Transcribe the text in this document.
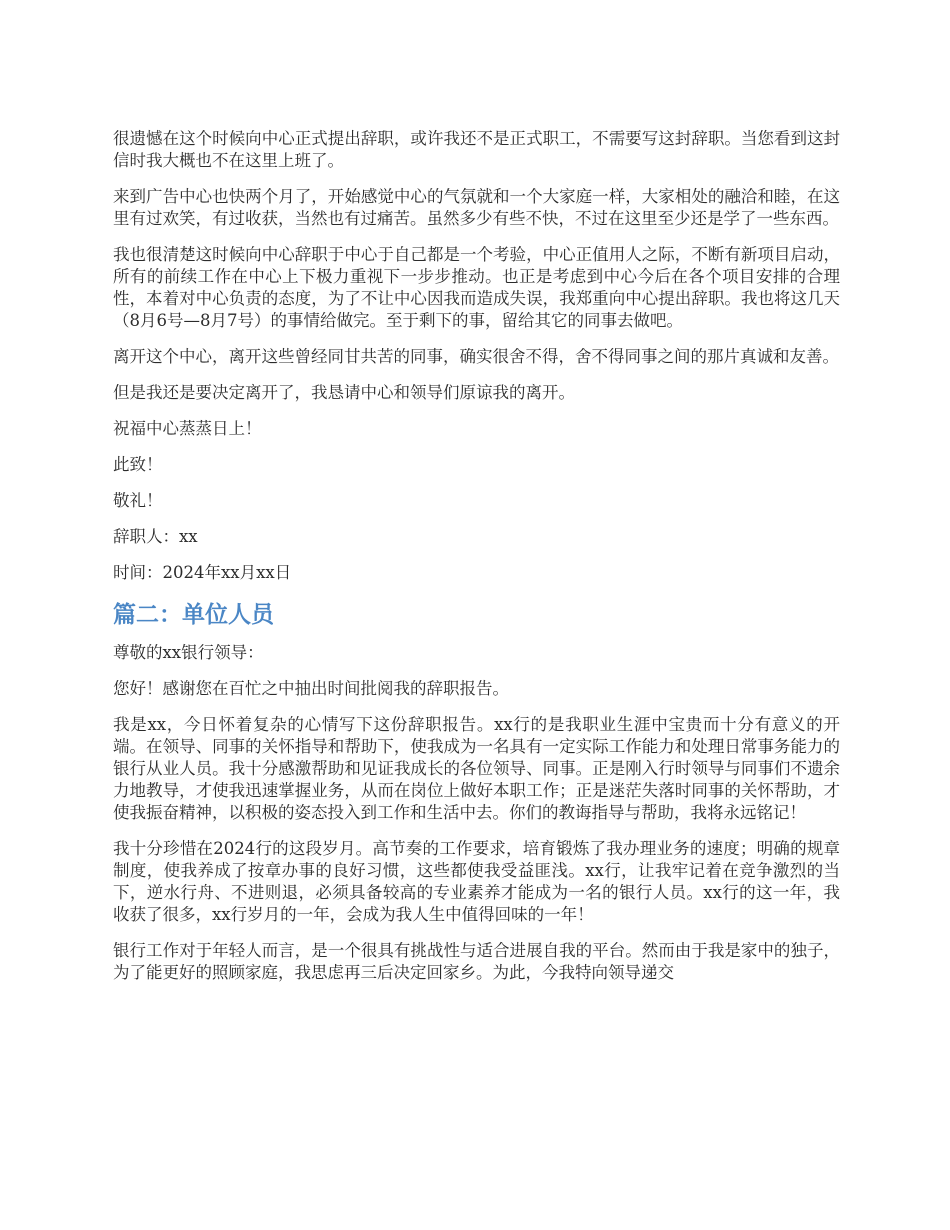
很遗憾在这个时候向中心正式提出辞职，或许我还不是正式职工，不需要写这封辞职。当您看到这封信时我大概也不在这里上班了。

来到广告中心也快两个月了，开始感觉中心的气氛就和一个大家庭一样，大家相处的融洽和睦，在这里有过欢笑，有过收获，当然也有过痛苦。虽然多少有些不快，不过在这里至少还是学了一些东西。

我也很清楚这时候向中心辞职于中心于自己都是一个考验，中心正值用人之际，不断有新项目启动，所有的前续工作在中心上下极力重视下一步步推动。也正是考虑到中心今后在各个项目安排的合理性，本着对中心负责的态度，为了不让中心因我而造成失误，我郑重向中心提出辞职。我也将这几天（8月6号—8月7号）的事情给做完。至于剩下的事，留给其它的同事去做吧。

离开这个中心，离开这些曾经同甘共苦的同事，确实很舍不得，舍不得同事之间的那片真诚和友善。

但是我还是要决定离开了，我恳请中心和领导们原谅我的离开。

祝福中心蒸蒸日上！

此致！

敬礼！

辞职人：xx

时间：2024年xx月xx日

篇二：单位人员

尊敬的xx银行领导：

您好！感谢您在百忙之中抽出时间批阅我的辞职报告。

我是xx，今日怀着复杂的心情写下这份辞职报告。xx行的是我职业生涯中宝贵而十分有意义的开端。在领导、同事的关怀指导和帮助下，使我成为一名具有一定实际工作能力和处理日常事务能力的银行从业人员。我十分感激帮助和见证我成长的各位领导、同事。正是刚入行时领导与同事们不遗余力地教导，才使我迅速掌握业务，从而在岗位上做好本职工作；正是迷茫失落时同事的关怀帮助，才使我振奋精神，以积极的姿态投入到工作和生活中去。你们的教诲指导与帮助，我将永远铭记！

我十分珍惜在2024行的这段岁月。高节奏的工作要求，培育锻炼了我办理业务的速度；明确的规章制度，使我养成了按章办事的良好习惯，这些都使我受益匪浅。xx行，让我牢记着在竞争激烈的当下，逆水行舟、不进则退，必须具备较高的专业素养才能成为一名的银行人员。xx行的这一年，我收获了很多，xx行岁月的一年，会成为我人生中值得回味的一年！

银行工作对于年轻人而言，是一个很具有挑战性与适合进展自我的平台。然而由于我是家中的独子，为了能更好的照顾家庭，我思虑再三后决定回家乡。为此，今我特向领导递交
